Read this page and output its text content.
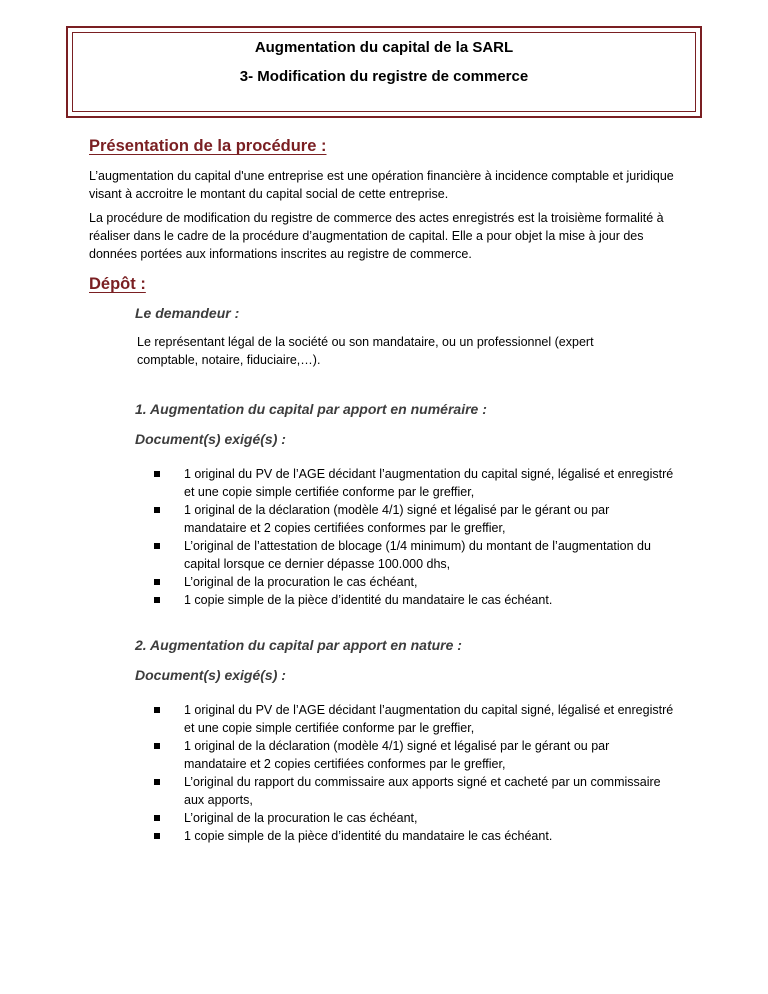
Augmentation du capital de la SARL
3- Modification du registre de commerce
Présentation de la procédure :
L’augmentation du capital d'une entreprise est une opération financière à incidence comptable et juridique visant à accroitre le montant du capital social de cette entreprise.
La procédure de modification du registre de commerce des actes enregistrés est la troisième formalité à réaliser dans le cadre de la procédure d’augmentation de capital. Elle a pour objet la mise à jour des données portées aux informations inscrites au registre de commerce.
Dépôt :
Le demandeur :
Le représentant légal de la société ou son mandataire, ou un professionnel (expert comptable, notaire, fiduciaire,…).
1. Augmentation du capital par apport en numéraire :
Document(s) exigé(s) :
1 original du PV de l’AGE décidant l’augmentation du capital signé, légalisé et enregistré et une copie simple certifiée conforme par le greffier,
1 original de la déclaration (modèle 4/1) signé et légalisé par le gérant ou par mandataire et 2 copies certifiées conformes par le greffier,
L’original de l’attestation de blocage (1/4 minimum) du montant de l’augmentation du capital lorsque ce dernier dépasse 100.000 dhs,
L’original de la procuration le cas échéant,
1 copie simple de la pièce d’identité du mandataire le cas échéant.
2. Augmentation du capital par apport en nature :
Document(s) exigé(s) :
1 original du PV de l’AGE décidant l’augmentation du capital signé, légalisé et enregistré et une copie simple certifiée conforme par le greffier,
1 original de la déclaration (modèle 4/1) signé et légalisé par le gérant ou par mandataire et 2 copies certifiées conformes par le greffier,
L’original du rapport du commissaire aux apports signé et cacheté par un commissaire aux apports,
L’original de la procuration le cas échéant,
1 copie simple de la pièce d’identité du mandataire le cas échéant.
